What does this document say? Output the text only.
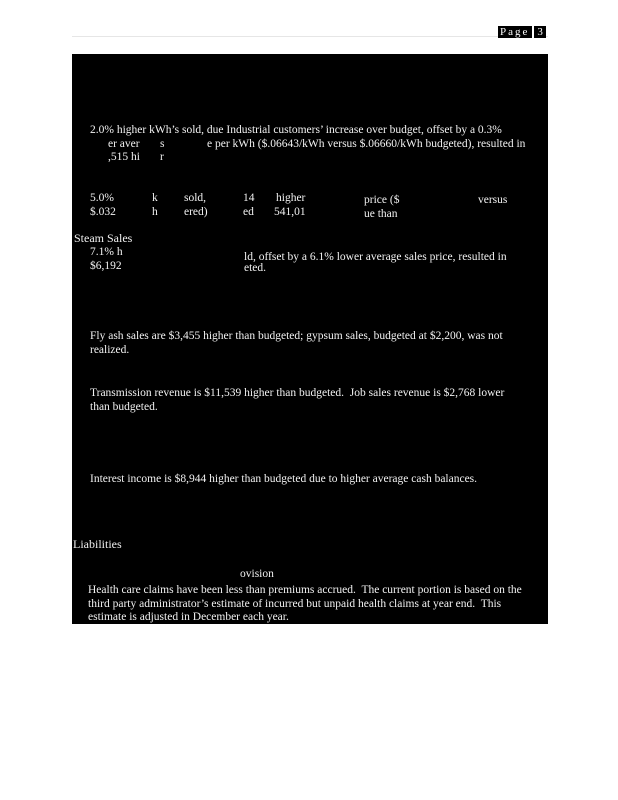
Page 3
2.0% higher kWh’s sold, due Industrial customers’ increase over budget, offset by a 0.3%
er aver s	e per kWh ($.06643/kWh versus $.06660/kWh budgeted), resulted in
,515 hi r
5.0%	k sold,	14 higher	price ($	versus
$.032	h ered)	ed 541,01	ue than
Steam Sales
7.1% h	ld, offset by a 6.1% lower average sales price, resulted in
$6,192	eted.
Fly ash sales are $3,455 higher than budgeted; gypsum sales, budgeted at $2,200, was not
realized.
Transmission revenue is $11,539 higher than budgeted.  Job sales revenue is $2,768 lower
than budgeted.
Interest income is $8,944 higher than budgeted due to higher average cash balances.
Liabilities
ovision
Health care claims have been less than premiums accrued.  The current portion is based on the
third party administrator’s estimate of incurred but unpaid health claims at year end.  This
estimate is adjusted in December each year.
